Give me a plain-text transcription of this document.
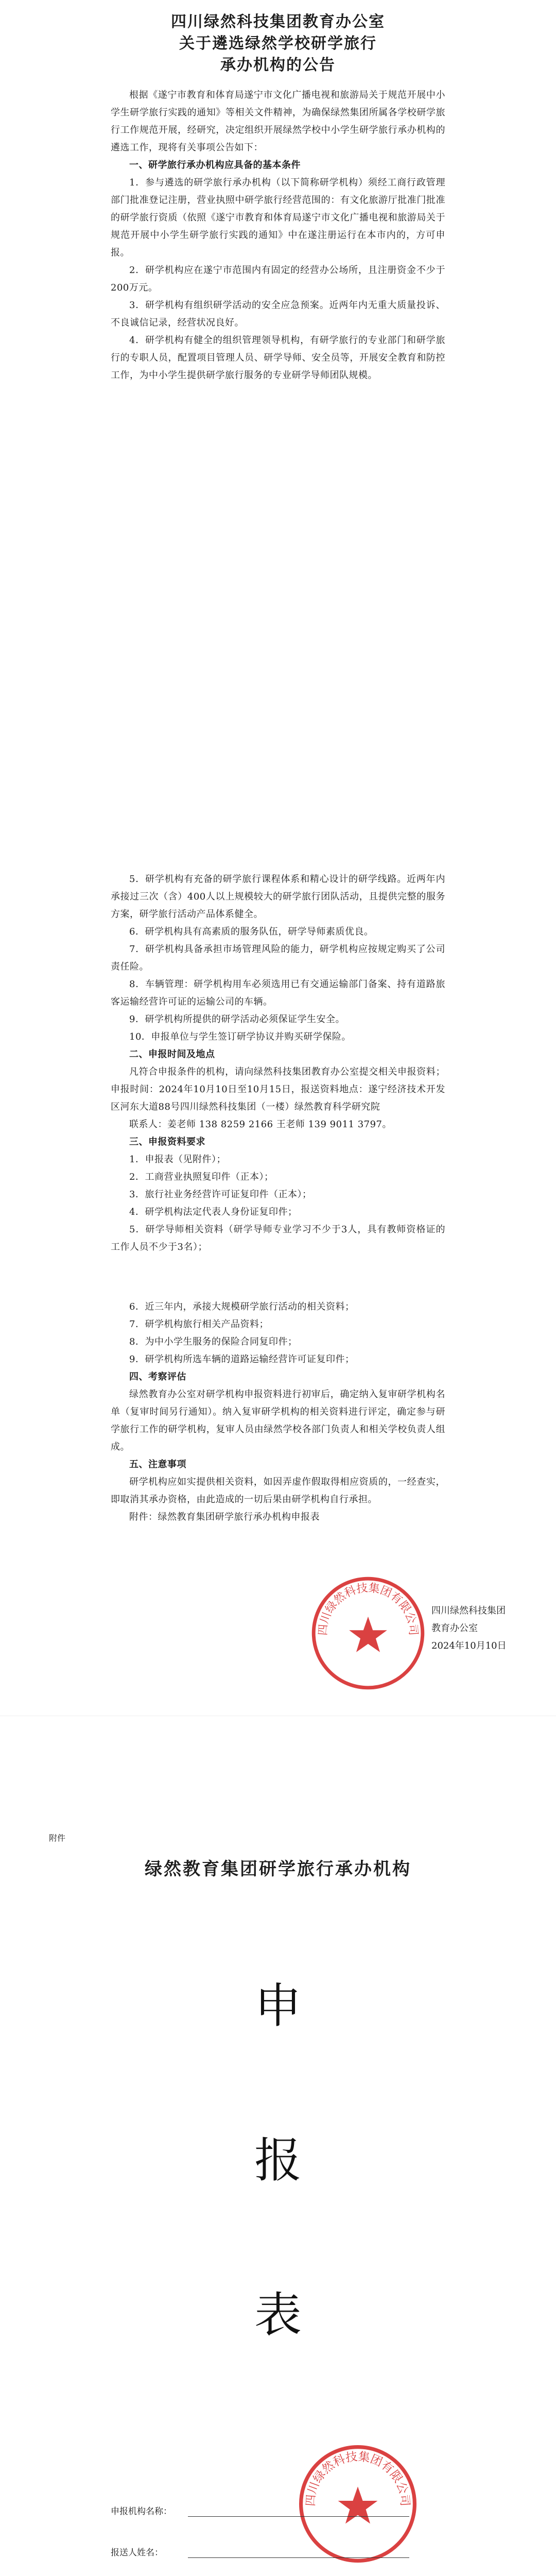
四川绿然科技集团教育办公室
关于遴选绿然学校研学旅行
承办机构的公告

根据《遂宁市教育和体育局遂宁市文化广播电视和旅游局关于规范开展中小学生研学旅行实践的通知》等相关文件精神，为确保绿然集团所属各学校研学旅行工作规范开展，经研究，决定组织开展绿然学校中小学生研学旅行承办机构的遴选工作，现将有关事项公告如下：

一、研学旅行承办机构应具备的基本条件

1．参与遴选的研学旅行承办机构（以下简称研学机构）须经工商行政管理部门批准登记注册，营业执照中研学旅行经营范围的：有文化旅游厅批准门批准的研学旅行资质（依照《遂宁市教育和体育局遂宁市文化广播电视和旅游局关于规范开展中小学生研学旅行实践的通知》中在遂注册运行在本市内的，方可申报。

2．研学机构应在遂宁市范围内有固定的经营办公场所，且注册资金不少于200万元。

3．研学机构有组织研学活动的安全应急预案。近两年内无重大质量投诉、不良诚信记录，经营状况良好。

4．研学机构有健全的组织管理领导机构，有研学旅行的专业部门和研学旅行的专职人员，配置项目管理人员、研学导师、安全员等，开展安全教育和防控工作，为中小学生提供研学旅行服务的专业研学导师团队规模。

5．研学机构有充备的研学旅行课程体系和精心设计的研学线路。近两年内承接过三次（含）400人以上规模较大的研学旅行团队活动，且提供完整的服务方案，研学旅行活动产品体系健全。

6．研学机构具有高素质的服务队伍，研学导师素质优良。

7．研学机构具备承担市场管理风险的能力，研学机构应按规定购买了公司责任险。

8．车辆管理：研学机构用车必须选用已有交通运输部门备案、持有道路旅客运输经营许可证的运输公司的车辆。

9．研学机构所提供的研学活动必须保证学生安全。

10．申报单位与学生签订研学协议并购买研学保险。

二、申报时间及地点

凡符合申报条件的机构，请向绿然科技集团教育办公室提交相关申报资料；申报时间：2024年10月10日至10月15日，报送资料地点：遂宁经济技术开发区河东大道88号四川绿然科技集团（一楼）绿然教育科学研究院

联系人：姜老师 138 8259 2166 王老师 139 9011 3797。

三、申报资料要求

1．申报表（见附件）；

2．工商营业执照复印件（正本）；

3．旅行社业务经营许可证复印件（正本）；

4．研学机构法定代表人身份证复印件；

5．研学导师相关资料（研学导师专业学习不少于3人，具有教师资格证的工作人员不少于3名）；

6．近三年内，承接大规模研学旅行活动的相关资料；

7．研学机构旅行相关产品资料；

8．为中小学生服务的保险合同复印件；

9．研学机构所选车辆的道路运输经营许可证复印件；

四、考察评估

绿然教育办公室对研学机构申报资料进行初审后，确定纳入复审研学机构名单（复审时间另行通知）。纳入复审研学机构的相关资料进行评定，确定参与研学旅行工作的研学机构，复审人员由绿然学校各部门负责人和相关学校负责人组成。

五、注意事项

研学机构应如实提供相关资料，如因弄虚作假取得相应资质的，一经查实，即取消其承办资格，由此造成的一切后果由研学机构自行承担。

附件：绿然教育集团研学旅行承办机构申报表

四川绿然科技集团有限公司
四川绿然科技集团
教育办公室
2024年10月10日
附件
绿然教育集团研学旅行承办机构
申
报
表
四川绿然科技集团有限公司
申报机构名称：
报送人姓名：
